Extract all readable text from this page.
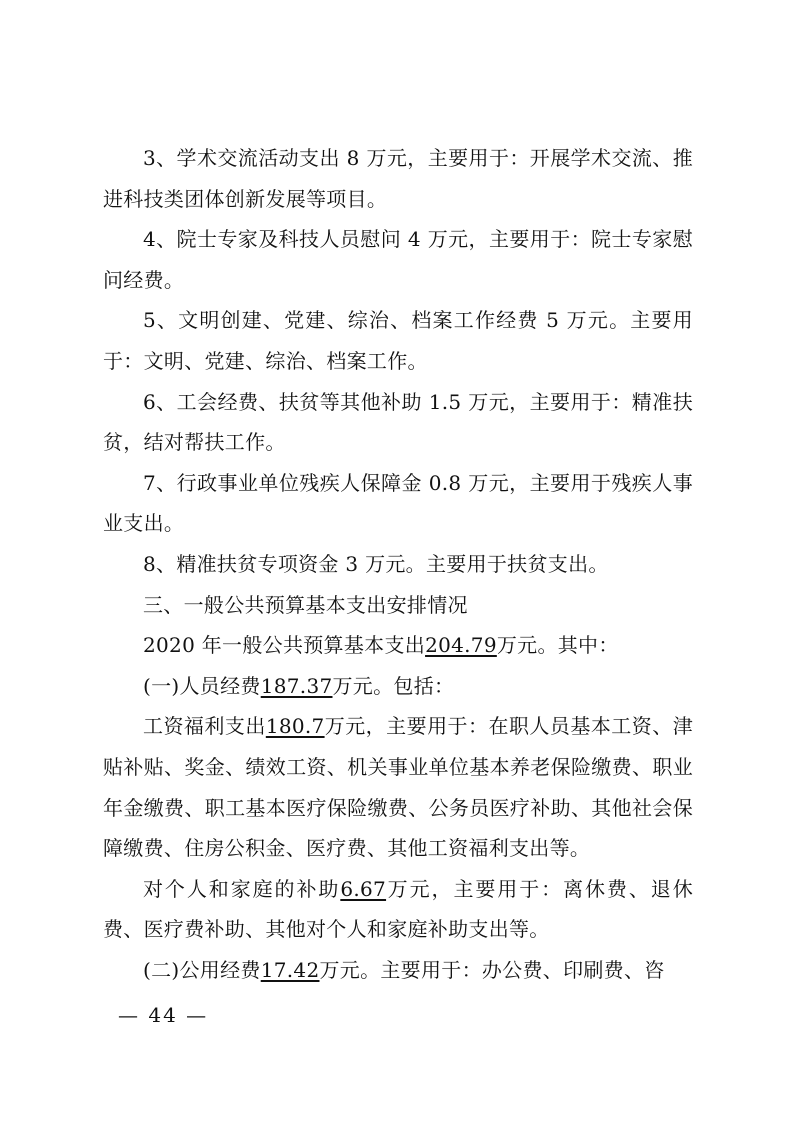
3、学术交流活动支出 8 万元，主要用于：开展学术交流、推进科技类团体创新发展等项目。

4、院士专家及科技人员慰问 4 万元，主要用于：院士专家慰问经费。

5、文明创建、党建、综治、档案工作经费 5 万元。主要用于：文明、党建、综治、档案工作。

6、工会经费、扶贫等其他补助 1.5 万元，主要用于：精准扶贫，结对帮扶工作。

7、行政事业单位残疾人保障金 0.8 万元，主要用于残疾人事业支出。

8、精准扶贫专项资金 3 万元。主要用于扶贫支出。

三、一般公共预算基本支出安排情况

2020 年一般公共预算基本支出204.79万元。其中：

(一)人员经费187.37万元。包括：

工资福利支出180.7万元，主要用于：在职人员基本工资、津贴补贴、奖金、绩效工资、机关事业单位基本养老保险缴费、职业年金缴费、职工基本医疗保险缴费、公务员医疗补助、其他社会保障缴费、住房公积金、医疗费、其他工资福利支出等。

对个人和家庭的补助6.67万元，主要用于：离休费、退休费、医疗费补助、其他对个人和家庭补助支出等。

(二)公用经费17.42万元。主要用于：办公费、印刷费、咨

— 44 —
